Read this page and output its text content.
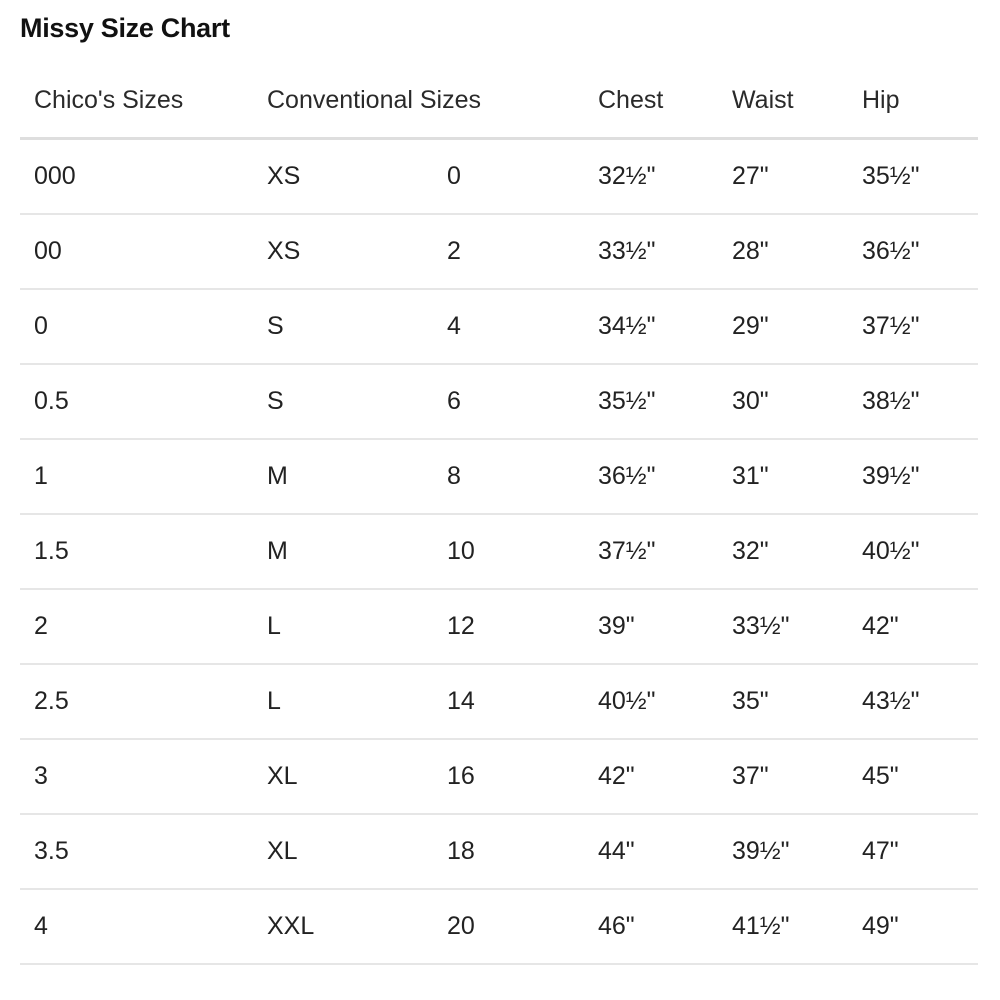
Missy Size Chart
Chico's Sizes	Conventional Sizes	Chest	Waist	Hip
000	XS	0	32½"	27"	35½"
00	XS	2	33½"	28"	36½"
0	S	4	34½"	29"	37½"
0.5	S	6	35½"	30"	38½"
1	M	8	36½"	31"	39½"
1.5	M	10	37½"	32"	40½"
2	L	12	39"	33½"	42"
2.5	L	14	40½"	35"	43½"
3	XL	16	42"	37"	45"
3.5	XL	18	44"	39½"	47"
4	XXL	20	46"	41½"	49"
